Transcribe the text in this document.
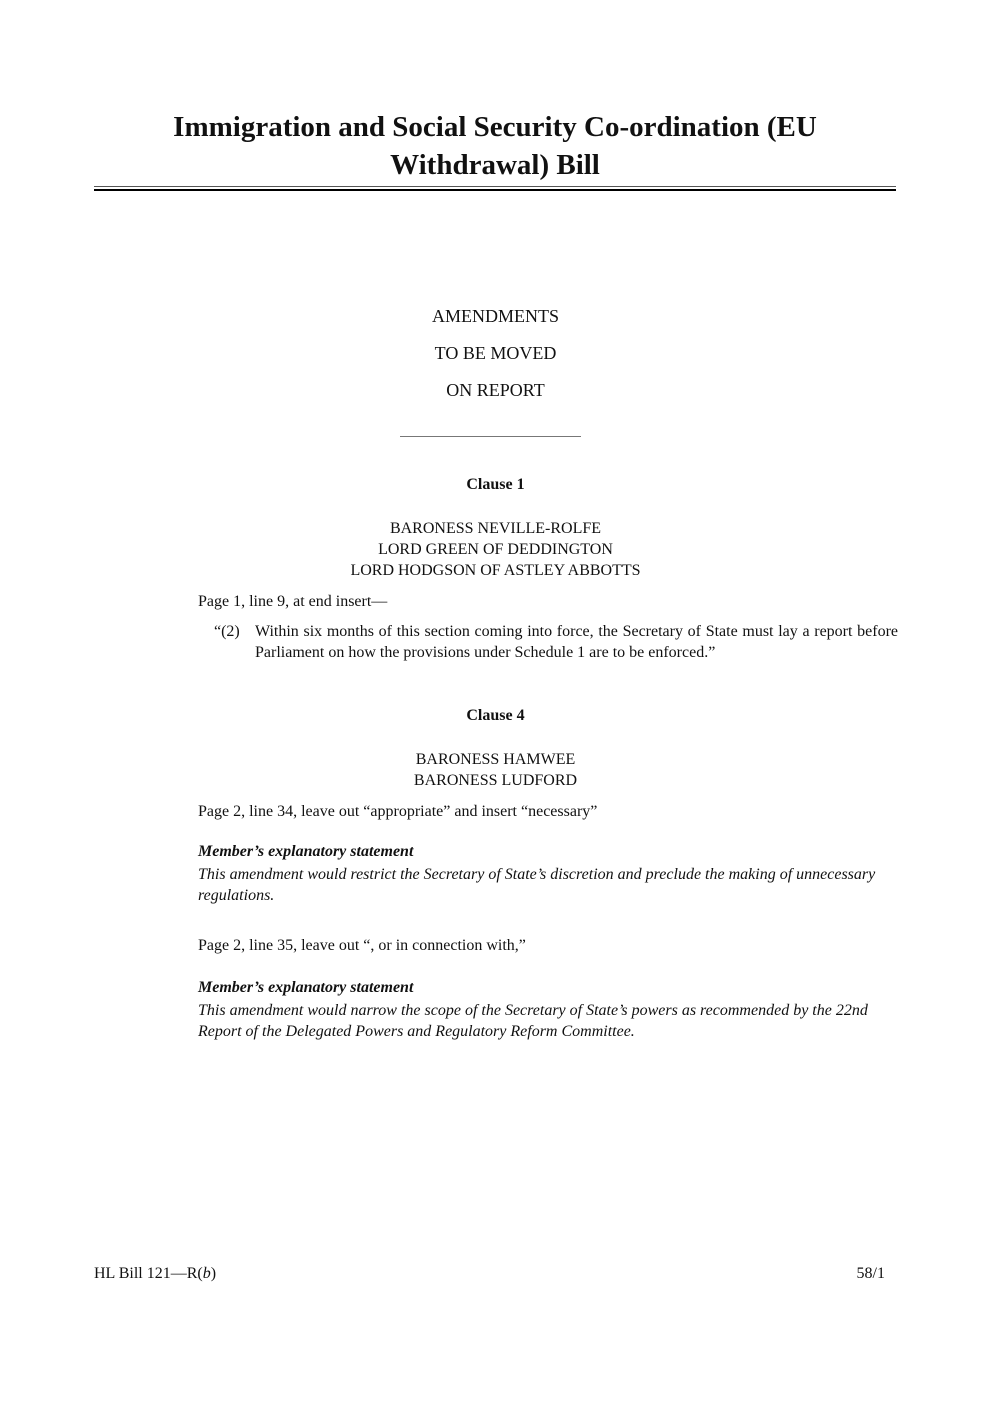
Immigration and Social Security Co-ordination (EU Withdrawal) Bill
AMENDMENTS
TO BE MOVED
ON REPORT
Clause 1
BARONESS NEVILLE-ROLFE
LORD GREEN OF DEDDINGTON
LORD HODGSON OF ASTLEY ABBOTTS
Page 1, line 9, at end insert—
“(2) Within six months of this section coming into force, the Secretary of State must lay a report before Parliament on how the provisions under Schedule 1 are to be enforced.”
Clause 4
BARONESS HAMWEE
BARONESS LUDFORD
Page 2, line 34, leave out “appropriate” and insert “necessary”
Member’s explanatory statement
This amendment would restrict the Secretary of State’s discretion and preclude the making of unnecessary regulations.
Page 2, line 35, leave out “, or in connection with,”
Member’s explanatory statement
This amendment would narrow the scope of the Secretary of State’s powers as recommended by the 22nd Report of the Delegated Powers and Regulatory Reform Committee.
HL Bill 121—R(b)	58/1
